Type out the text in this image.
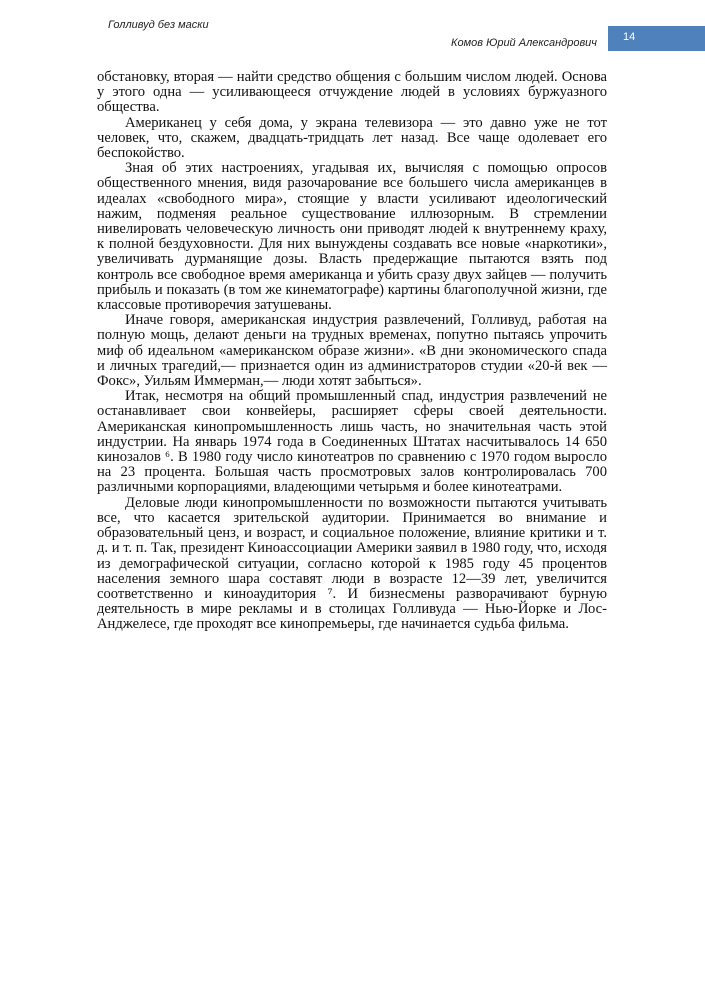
Голливуд без маски
Комов Юрий Александрович	14

обстановку, вторая — найти средство общения с большим числом людей. Основа у этого одна — усиливающееся отчуждение людей в условиях буржуазного общества.

Американец у себя дома, у экрана телевизора — это давно уже не тот человек, что, скажем, двадцать-тридцать лет назад. Все чаще одолевает его беспокойство.

Зная об этих настроениях, угадывая их, вычисляя с помощью опросов общественного мнения, видя разочарование все большего числа американцев в идеалах «свободного мира», стоящие у власти усиливают идеологический нажим, подменяя реальное существование иллюзорным. В стремлении нивелировать человеческую личность они приводят людей к внутреннему краху, к полной бездуховности. Для них вынуждены создавать все новые «наркотики», увеличивать дурманящие дозы. Власть предержащие пытаются взять под контроль все свободное время американца и убить сразу двух зайцев — получить прибыль и показать (в том же кинематографе) картины благополучной жизни, где классовые противоречия затушеваны.

Иначе говоря, американская индустрия развлечений, Голливуд, работая на полную мощь, делают деньги на трудных временах, попутно пытаясь упрочить миф об идеальном «американском образе жизни». «В дни экономического спада и личных трагедий,— признается один из администраторов студии «20-й век — Фокс», Уильям Иммерман,— люди хотят забыться».

Итак, несмотря на общий промышленный спад, индустрия развлечений не останавливает свои конвейеры, расширяет сферы своей деятельности. Американская кинопромышленность лишь часть, но значительная часть этой индустрии. На январь 1974 года в Соединенных Штатах насчитывалось 14 650 кинозалов ⁶. В 1980 году число кинотеатров по сравнению с 1970 годом выросло на 23 процента. Большая часть просмотровых залов контролировалась 700 различными корпорациями, владеющими четырьмя и более кинотеатрами.

Деловые люди кинопромышленности по возможности пытаются учитывать все, что касается зрительской аудитории. Принимается во внимание и образовательный ценз, и возраст, и социальное положение, влияние критики и т. д. и т. п. Так, президент Киноассоциации Америки заявил в 1980 году, что, исходя из демографической ситуации, согласно которой к 1985 году 45 процентов населения земного шара составят люди в возрасте 12—39 лет, увеличится соответственно и киноаудитория ⁷. И бизнесмены разворачивают бурную деятельность в мире рекламы и в столицах Голливуда — Нью-Йорке и Лос-Анджелесе, где проходят все кинопремьеры, где начинается судьба фильма.
